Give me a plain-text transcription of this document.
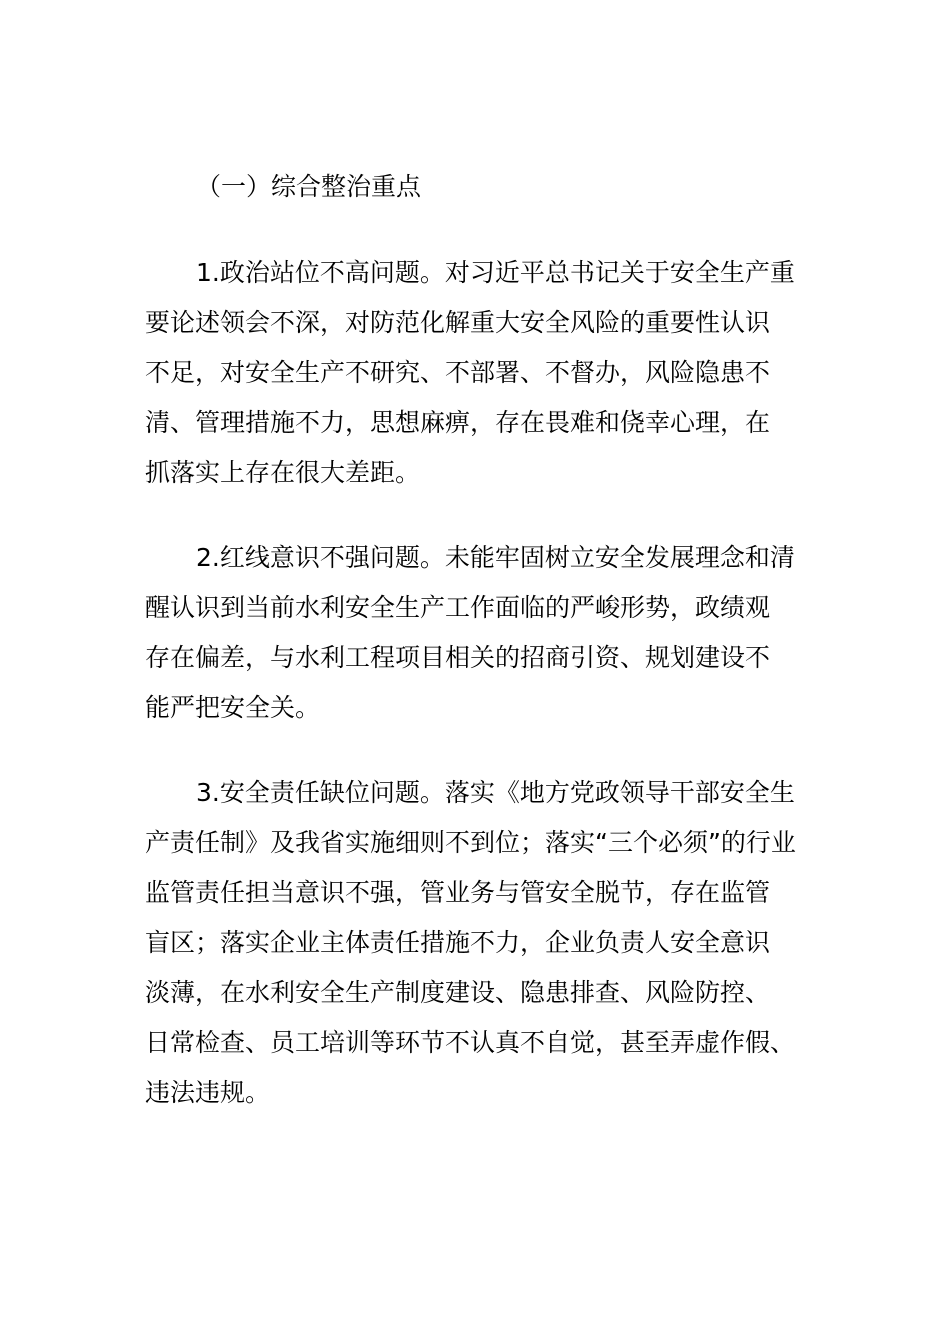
（一）综合整治重点
1.政治站位不高问题。对习近平总书记关于安全生产重
要论述领会不深，对防范化解重大安全风险的重要性认识
不足，对安全生产不研究、不部署、不督办，风险隐患不
清、管理措施不力，思想麻痹，存在畏难和侥幸心理，在
抓落实上存在很大差距。
2.红线意识不强问题。未能牢固树立安全发展理念和清
醒认识到当前水利安全生产工作面临的严峻形势，政绩观
存在偏差，与水利工程项目相关的招商引资、规划建设不
能严把安全关。
3.安全责任缺位问题。落实《地方党政领导干部安全生
产责任制》及我省实施细则不到位；落实“三个必须”的行业
监管责任担当意识不强，管业务与管安全脱节，存在监管
盲区；落实企业主体责任措施不力，企业负责人安全意识
淡薄，在水利安全生产制度建设、隐患排查、风险防控、
日常检查、员工培训等环节不认真不自觉，甚至弄虚作假、
违法违规。
